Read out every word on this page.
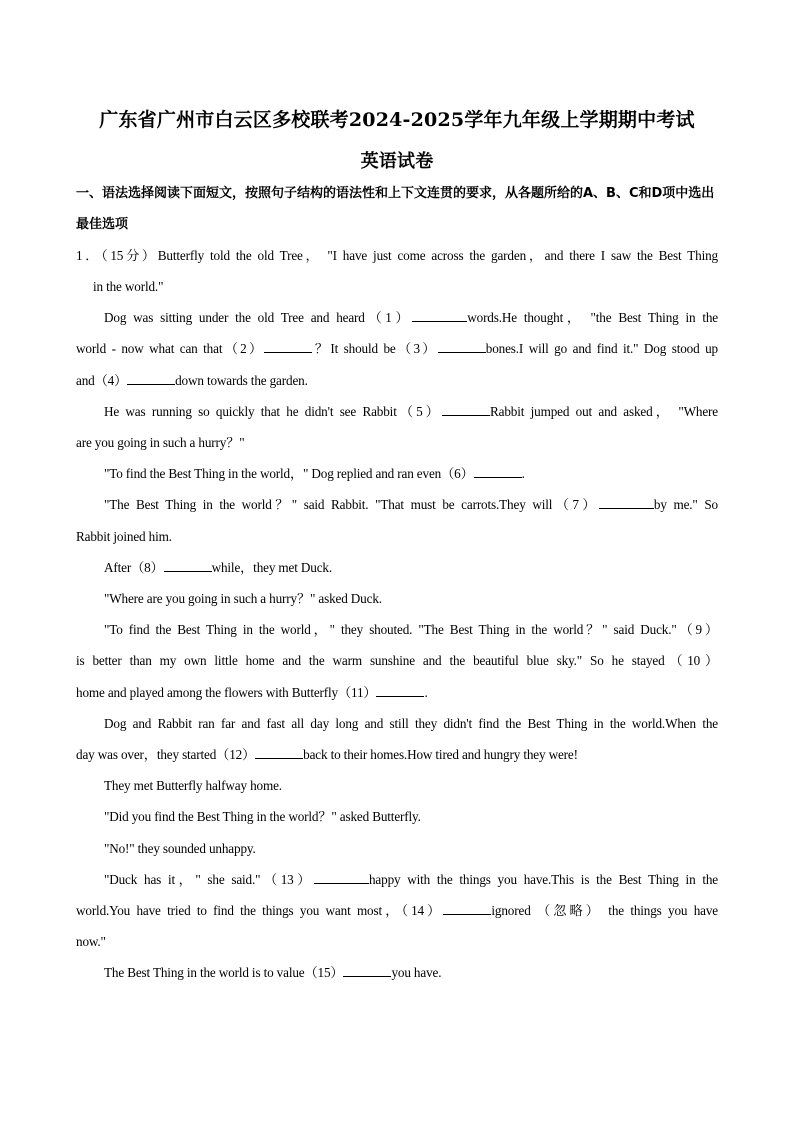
广东省广州市白云区多校联考2024-2025学年九年级上学期期中考试
英语试卷
一、语法选择阅读下面短文，按照句子结构的语法性和上下文连贯的要求，从各题所给的A、B、C和D项中选出最佳选项
1．（15分）Butterfly told the old Tree， "I have just come across the garden，and there I saw the Best Thing
in the world."
Dog was sitting under the old Tree and heard（1）	words.He thought， "the Best Thing in the
world - now what can that（2）	？It should be（3）	bones.I will go and find it." Dog stood up
and（4）	down towards the garden.
He was running so quickly that he didn't see Rabbit（5）	Rabbit jumped out and asked， "Where
are you going in such a hurry？"
"To find the Best Thing in the world，" Dog replied and ran even（6）	.
"The Best Thing in the world？" said Rabbit. "That must be carrots.They will（7）	by me." So
Rabbit joined him.
After（8）	while，they met Duck.
"Where are you going in such a hurry？" asked Duck.
"To find the Best Thing in the world，" they shouted. "The Best Thing in the world？" said Duck."（9）
is better than my own little home and the warm sunshine and the beautiful blue sky." So he stayed（10）
home and played among the flowers with Butterfly（11）	.
Dog and Rabbit ran far and fast all day long and still they didn't find the Best Thing in the world.When the
day was over，they started（12）	back to their homes.How tired and hungry they were!
They met Butterfly halfway home.
"Did you find the Best Thing in the world？" asked Butterfly.
"No!" they sounded unhappy.
"Duck has it，" she said."（13）	happy with the things you have.This is the Best Thing in the
world.You have tried to find the things you want most，（14）	ignored （忽略） the things you have
now."
The Best Thing in the world is to value（15）	you have.
